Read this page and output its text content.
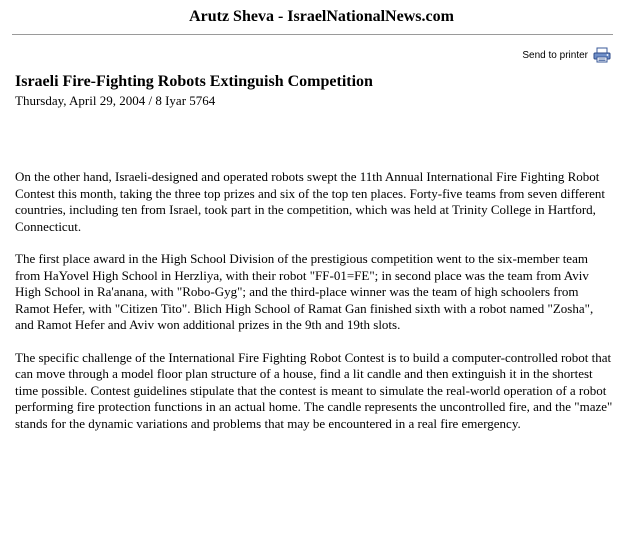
Arutz Sheva - IsraelNationalNews.com
Send to printer
Israeli Fire-Fighting Robots Extinguish Competition
Thursday, April 29, 2004 / 8 Iyar 5764

On the other hand, Israeli-designed and operated robots swept the 11th Annual International Fire Fighting Robot Contest this month, taking the three top prizes and six of the top ten places. Forty-five teams from seven different countries, including ten from Israel, took part in the competition, which was held at Trinity College in Hartford, Connecticut.

The first place award in the High School Division of the prestigious competition went to the six-member team from HaYovel High School in Herzliya, with their robot "FF-01=FE"; in second place was the team from Aviv High School in Ra'anana, with "Robo-Gyg"; and the third-place winner was the team of high schoolers from Ramot Hefer, with "Citizen Tito". Blich High School of Ramat Gan finished sixth with a robot named "Zosha", and Ramot Hefer and Aviv won additional prizes in the 9th and 19th slots.

The specific challenge of the International Fire Fighting Robot Contest is to build a computer-controlled robot that can move through a model floor plan structure of a house, find a lit candle and then extinguish it in the shortest time possible. Contest guidelines stipulate that the contest is meant to simulate the real-world operation of a robot performing fire protection functions in an actual home. The candle represents the uncontrolled fire, and the "maze" stands for the dynamic variations and problems that may be encountered in a real fire emergency.
